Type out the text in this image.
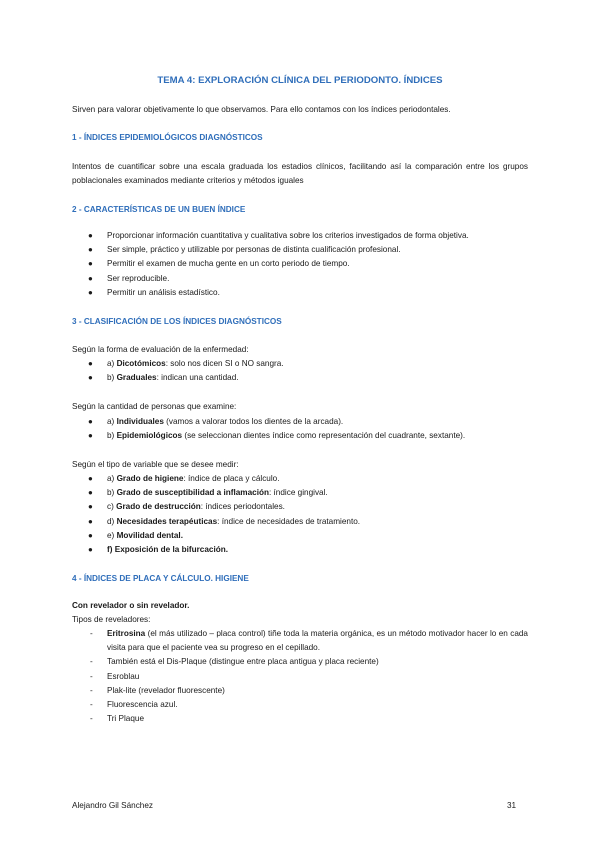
TEMA 4: EXPLORACIÓN CLÍNICA DEL PERIODONTO. ÍNDICES
Sirven para valorar objetivamente lo que observamos. Para ello contamos con los índices periodontales.
1 - ÍNDICES EPIDEMIOLÓGICOS DIAGNÓSTICOS
Intentos de cuantificar sobre una escala graduada los estadios clínicos, facilitando así la comparación entre los grupos poblacionales examinados mediante criterios y métodos iguales
2 - CARACTERÍSTICAS DE UN BUEN ÍNDICE
● Proporcionar información cuantitativa y cualitativa sobre los criterios investigados de forma objetiva.
● Ser simple, práctico y utilizable por personas de distinta cualificación profesional.
● Permitir el examen de mucha gente en un corto periodo de tiempo.
● Ser reproducible.
● Permitir un análisis estadístico.
3 - CLASIFICACIÓN DE LOS ÍNDICES DIAGNÓSTICOS
Según la forma de evaluación de la enfermedad:
● a) Dicotómicos: solo nos dicen SI o NO sangra.
● b) Graduales: indican una cantidad.
Según la cantidad de personas que examine:
● a) Individuales (vamos a valorar todos los dientes de la arcada).
● b) Epidemiológicos (se seleccionan dientes índice como representación del cuadrante, sextante).
Según el tipo de variable que se desee medir:
● a) Grado de higiene: índice de placa y cálculo.
● b) Grado de susceptibilidad a inflamación: índice gingival.
● c) Grado de destrucción: índices periodontales.
● d) Necesidades terapéuticas: índice de necesidades de tratamiento.
● e) Movilidad dental.
● f) Exposición de la bifurcación.
4 - ÍNDICES DE PLACA Y CÁLCULO. HIGIENE
Con revelador o sin revelador.
Tipos de reveladores:
- Eritrosina (el más utilizado – placa control) tiñe toda la materia orgánica, es un método motivador hacer lo en cada visita para que el paciente vea su progreso en el cepillado.
- También está el Dis-Plaque (distingue entre placa antigua y placa reciente)
- Esroblau
- Plak-lite (revelador fluorescente)
- Fluorescencia azul.
- Tri Plaque
Alejandro Gil Sánchez	31
